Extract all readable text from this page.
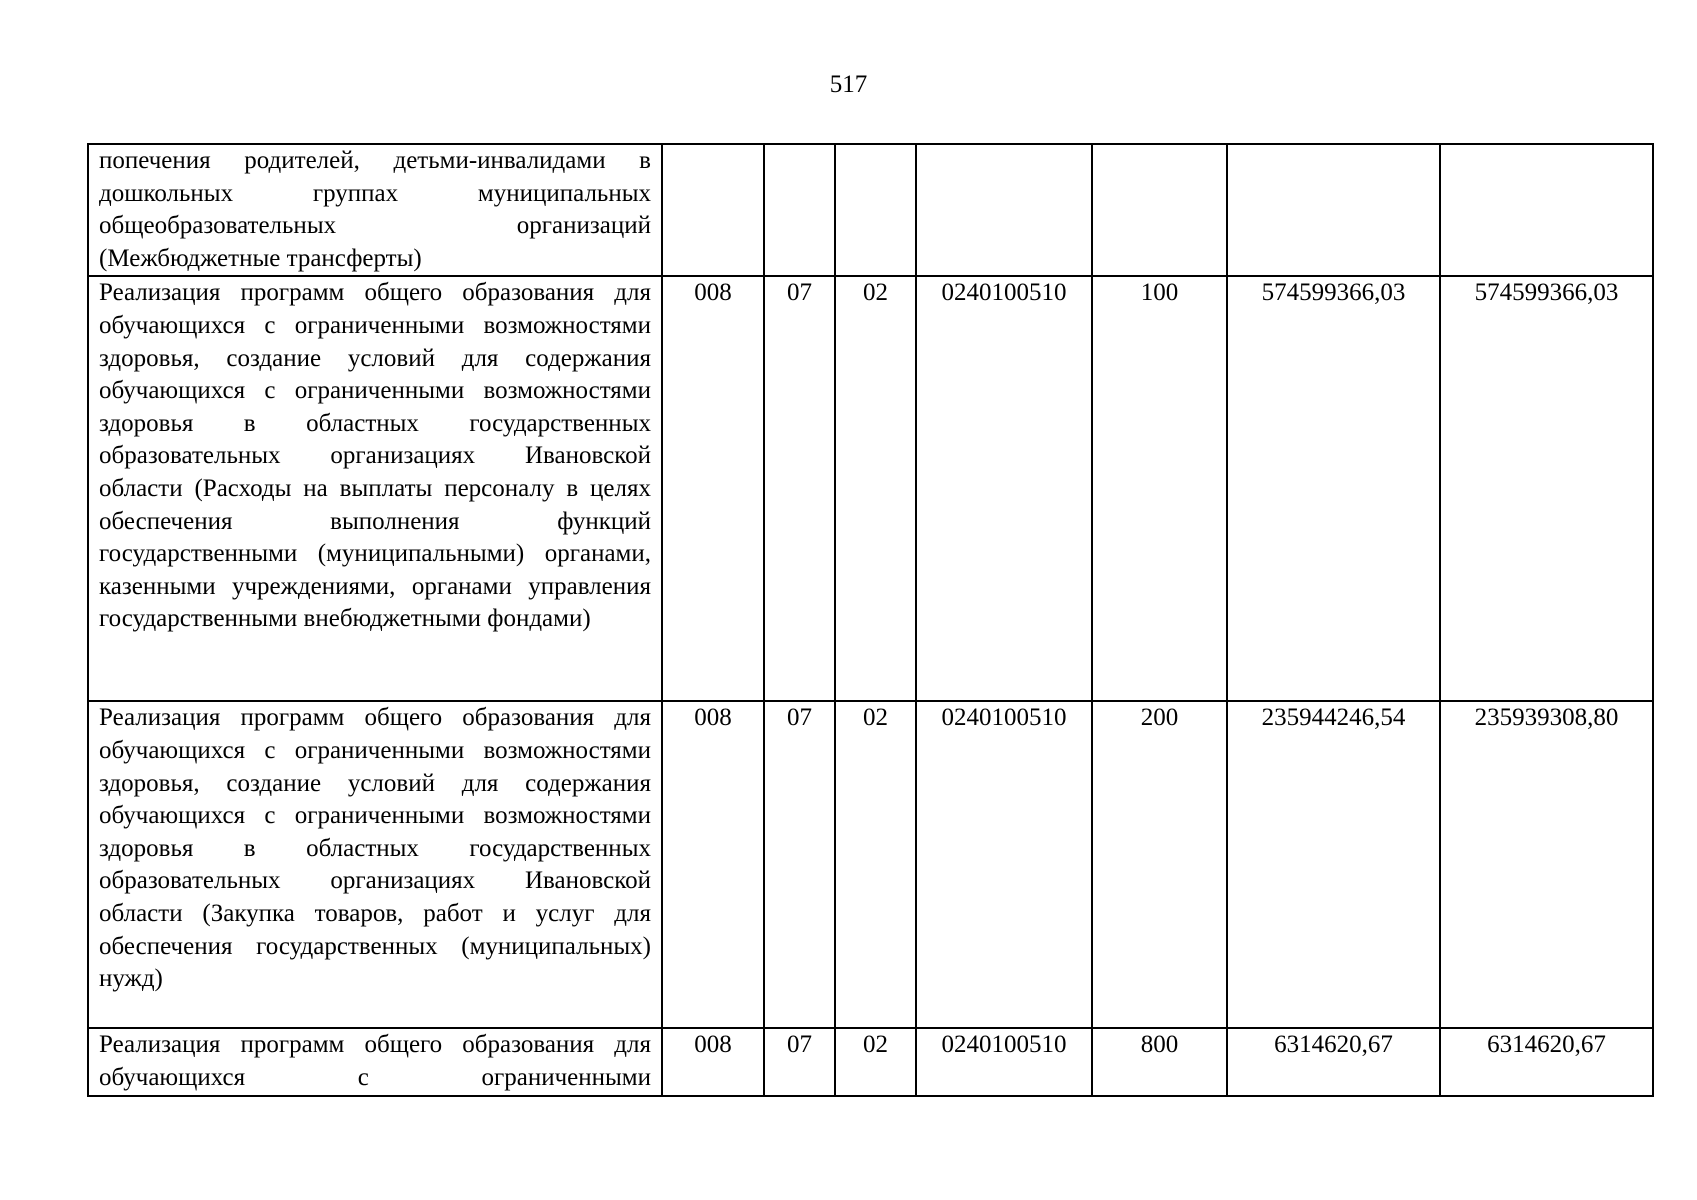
517
попечения родителей, детьми-инвалидами в дошкольных группах муниципальных общеобразовательных организаций (Межбюджетные трансферты)							
Реализация программ общего образования для обучающихся с ограниченными возможностями здоровья, создание условий для содержания обучающихся с ограниченными возможностями здоровья в областных государственных образовательных организациях Ивановской области (Расходы на выплаты персоналу в целях обеспечения выполнения функций государственными (муниципальными) органами, казенными учреждениями, органами управления государственными внебюджетными фондами)	008	07	02	0240100510	100	574599366,03	574599366,03
Реализация программ общего образования для обучающихся с ограниченными возможностями здоровья, создание условий для содержания обучающихся с ограниченными возможностями здоровья в областных государственных образовательных организациях Ивановской области (Закупка товаров, работ и услуг для обеспечения государственных (муниципальных) нужд)	008	07	02	0240100510	200	235944246,54	235939308,80
Реализация программ общего образования для обучающихся с ограниченными	008	07	02	0240100510	800	6314620,67	6314620,67
